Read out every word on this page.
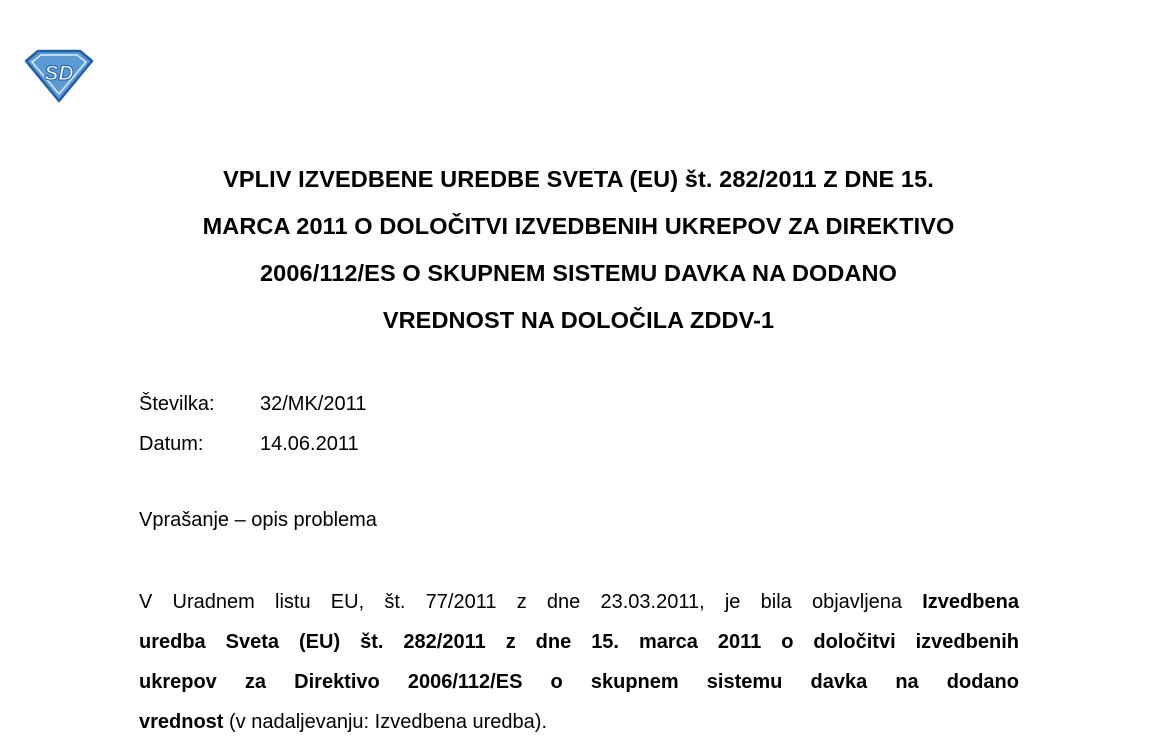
SD
VPLIV IZVEDBENE UREDBE SVETA (EU) št. 282/2011 Z DNE 15.
MARCA 2011 O DOLOČITVI IZVEDBENIH UKREPOV ZA DIREKTIVO
2006/112/ES O SKUPNEM SISTEMU DAVKA NA DODANO
VREDNOST NA DOLOČILA ZDDV-1
Številka:	32/MK/2011
Datum:	14.06.2011
Vprašanje – opis problema
V Uradnem listu EU, št. 77/2011 z dne 23.03.2011, je bila objavljena Izvedbena
uredba Sveta (EU) št. 282/2011 z dne 15. marca 2011 o določitvi izvedbenih
ukrepov za Direktivo 2006/112/ES o skupnem sistemu davka na dodano
vrednost (v nadaljevanju: Izvedbena uredba).
